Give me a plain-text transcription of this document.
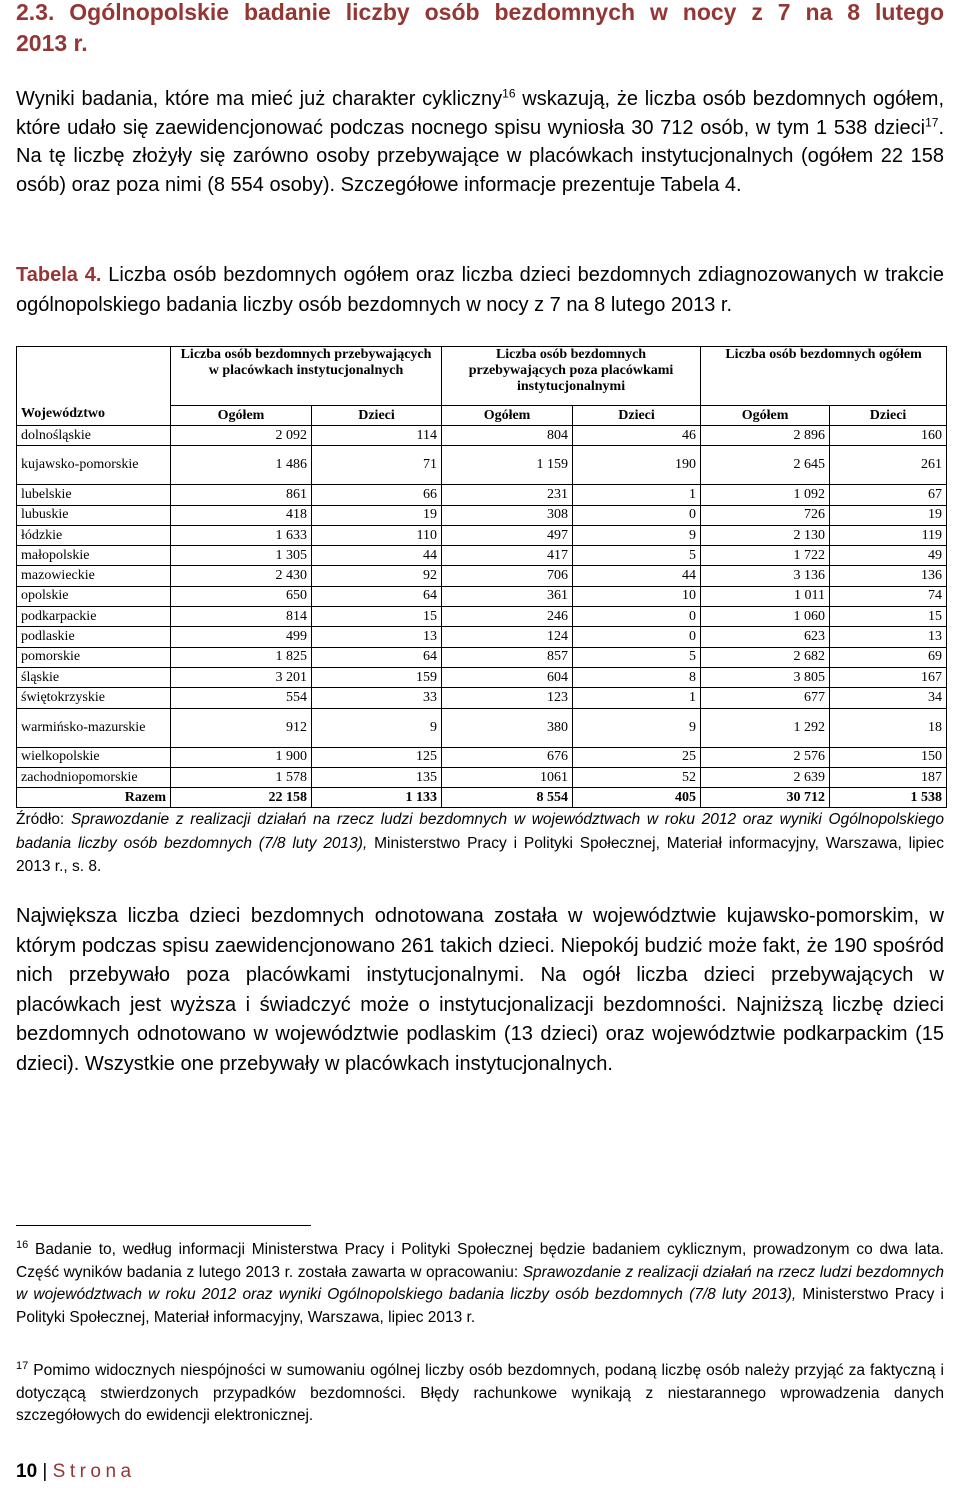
2.3. Ogólnopolskie badanie liczby osób bezdomnych w nocy z 7 na 8 lutego
2013 r.

Wyniki badania, które ma mieć już charakter cykliczny$^{16}$ wskazują, że liczba osób bezdomnych ogółem, które udało się zaewidencjonować podczas nocnego spisu wyniosła 30 712 osób, w tym 1 538 dzieci$^{17}$. Na tę liczbę złożyły się zarówno osoby przebywające w placówkach instytucjonalnych (ogółem 22 158 osób) oraz poza nimi (8 554 osoby). Szczegółowe informacje prezentuje Tabela 4.

Tabela 4. Liczba osób bezdomnych ogółem oraz liczba dzieci bezdomnych zdiagnozowanych w trakcie ogólnopolskiego badania liczby osób bezdomnych w nocy z 7 na 8 lutego 2013 r.

Województwo	Liczba osób bezdomnych przebywających w placówkach instytucjonalnych		Liczba osób bezdomnych przebywających poza placówkami instytucjonalnymi		Liczba osób bezdomnych ogółem	
	Ogółem	Dzieci	Ogółem	Dzieci	Ogółem	Dzieci
dolnośląskie	2 092	114	804	46	2 896	160
kujawsko-pomorskie	1 486	71	1 159	190	2 645	261
lubelskie	861	66	231	1	1 092	67
lubuskie	418	19	308	0	726	19
łódzkie	1 633	110	497	9	2 130	119
małopolskie	1 305	44	417	5	1 722	49
mazowieckie	2 430	92	706	44	3 136	136
opolskie	650	64	361	10	1 011	74
podkarpackie	814	15	246	0	1 060	15
podlaskie	499	13	124	0	623	13
pomorskie	1 825	64	857	5	2 682	69
śląskie	3 201	159	604	8	3 805	167
świętokrzyskie	554	33	123	1	677	34
warmińsko-mazurskie	912	9	380	9	1 292	18
wielkopolskie	1 900	125	676	25	2 576	150
zachodniopomorskie	1 578	135	1061	52	2 639	187
Razem	22 158	1 133	8 554	405	30 712	1 538

Źródło: Sprawozdanie z realizacji działań na rzecz ludzi bezdomnych w województwach w roku 2012 oraz wyniki Ogólnopolskiego badania liczby osób bezdomnych (7/8 luty 2013), Ministerstwo Pracy i Polityki Społecznej, Materiał informacyjny, Warszawa, lipiec 2013 r., s. 8.

Największa liczba dzieci bezdomnych odnotowana została w województwie kujawsko-pomorskim, w którym podczas spisu zaewidencjonowano 261 takich dzieci. Niepokój budzić może fakt, że 190 spośród nich przebywało poza placówkami instytucjonalnymi. Na ogół liczba dzieci przebywających w placówkach jest wyższa i świadczyć może o instytucjonalizacji bezdomności. Najniższą liczbę dzieci bezdomnych odnotowano w województwie podlaskim (13 dzieci) oraz województwie podkarpackim (15 dzieci). Wszystkie one przebywały w placówkach instytucjonalnych.

$^{16}$ Badanie to, według informacji Ministerstwa Pracy i Polityki Społecznej będzie badaniem cyklicznym, prowadzonym co dwa lata. Część wyników badania z lutego 2013 r. została zawarta w opracowaniu: Sprawozdanie z realizacji działań na rzecz ludzi bezdomnych w województwach w roku 2012 oraz wyniki Ogólnopolskiego badania liczby osób bezdomnych (7/8 luty 2013), Ministerstwo Pracy i Polityki Społecznej, Materiał informacyjny, Warszawa, lipiec 2013 r.

$^{17}$ Pomimo widocznych niespójności w sumowaniu ogólnej liczby osób bezdomnych, podaną liczbę osób należy przyjąć za faktyczną i dotyczącą stwierdzonych przypadków bezdomności. Błędy rachunkowe wynikają z niestarannego wprowadzenia danych szczegółowych do ewidencji elektronicznej.

10 | Strona
